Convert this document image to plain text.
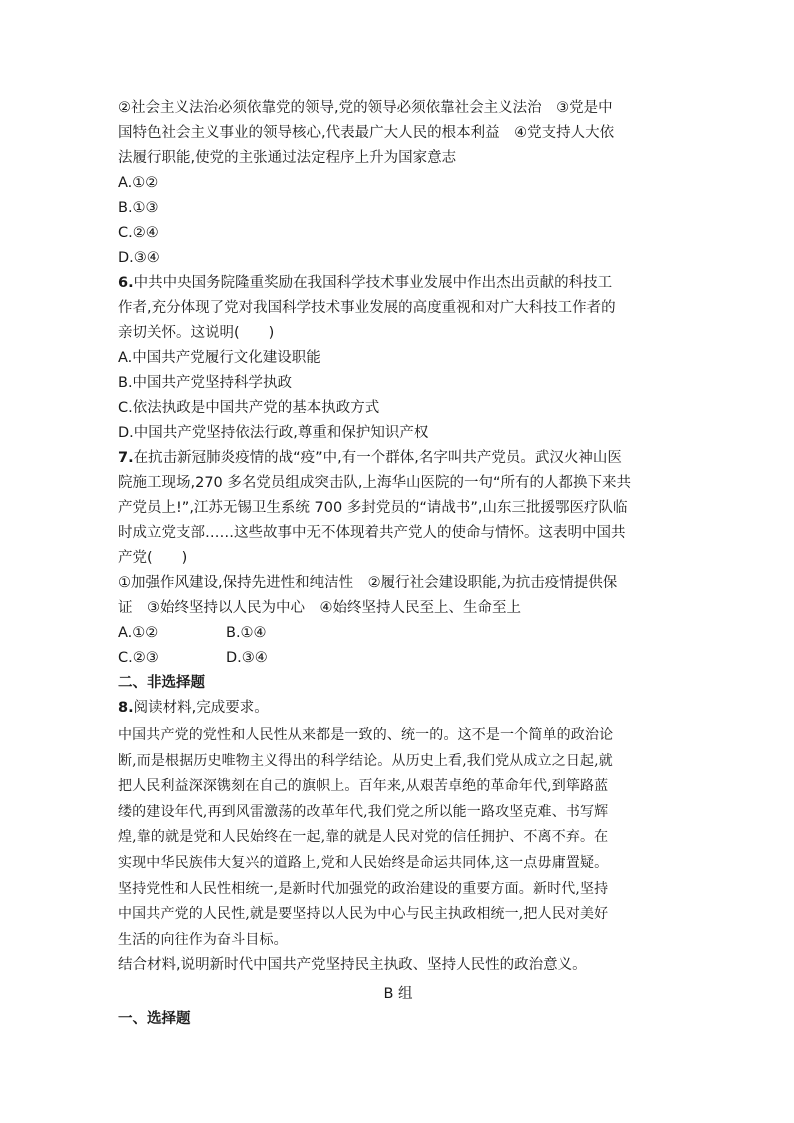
②社会主义法治必须依靠党的领导,党的领导必须依靠社会主义法治　③党是中
国特色社会主义事业的领导核心,代表最广大人民的根本利益　④党支持人大依
法履行职能,使党的主张通过法定程序上升为国家意志
A.①②
B.①③
C.②④
D.③④
6.中共中央国务院隆重奖励在我国科学技术事业发展中作出杰出贡献的科技工
作者,充分体现了党对我国科学技术事业发展的高度重视和对广大科技工作者的
亲切关怀。这说明(　　)
A.中国共产党履行文化建设职能
B.中国共产党坚持科学执政
C.依法执政是中国共产党的基本执政方式
D.中国共产党坚持依法行政,尊重和保护知识产权
7.在抗击新冠肺炎疫情的战“疫”中,有一个群体,名字叫共产党员。武汉火神山医
院施工现场,270 多名党员组成突击队,上海华山医院的一句“所有的人都换下来共
产党员上!”,江苏无锡卫生系统 700 多封党员的“请战书”,山东三批援鄂医疗队临
时成立党支部……这些故事中无不体现着共产党人的使命与情怀。这表明中国共
产党(　　)
①加强作风建设,保持先进性和纯洁性　②履行社会建设职能,为抗击疫情提供保
证　③始终坚持以人民为中心　④始终坚持人民至上、生命至上
A.①②	B.①④
C.②③	D.③④
二、非选择题
8.阅读材料,完成要求。
中国共产党的党性和人民性从来都是一致的、统一的。这不是一个简单的政治论
断,而是根据历史唯物主义得出的科学结论。从历史上看,我们党从成立之日起,就
把人民利益深深镌刻在自己的旗帜上。百年来,从艰苦卓绝的革命年代,到筚路蓝
缕的建设年代,再到风雷激荡的改革年代,我们党之所以能一路攻坚克难、书写辉
煌,靠的就是党和人民始终在一起,靠的就是人民对党的信任拥护、不离不弃。在
实现中华民族伟大复兴的道路上,党和人民始终是命运共同体,这一点毋庸置疑。
坚持党性和人民性相统一,是新时代加强党的政治建设的重要方面。新时代,坚持
中国共产党的人民性,就是要坚持以人民为中心与民主执政相统一,把人民对美好
生活的向往作为奋斗目标。
结合材料,说明新时代中国共产党坚持民主执政、坚持人民性的政治意义。
B 组
一、选择题
